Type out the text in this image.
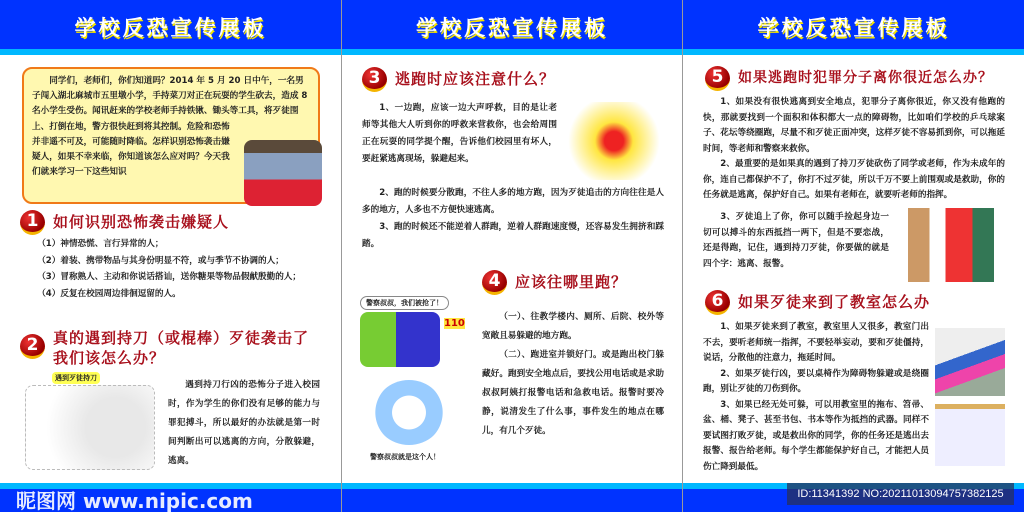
学校反恐宣传展板
同学们，老师们，你们知道吗？2014 年 5 月 20 日中午，一名男子闯入湖北麻城市五里墩小学，手持菜刀对正在玩耍的学生砍去，造成 8 名小学生受伤。闻讯赶来的学校老师手持铁锹、锄头等工具，将歹徒围上、打倒在地，警方很快赶到将其控制。危险和恐怖并非遥不可及，可能随时降临。怎样识别恐怖袭击嫌疑人，如果不幸来临，你知道该怎么应对吗？今天我们就来学习一下这些知识
1 如何识别恐怖袭击嫌疑人

（1）神情恐慌、言行异常的人；

（2）着装、携带物品与其身份明显不符，或与季节不协调的人；

（3）冒称熟人、主动和你说话搭讪，送你糖果等物品假献殷勤的人；

（4）反复在校园周边徘徊逗留的人。

2 真的遇到持刀（或棍棒）歹徒袭击了我们该怎么办？
遇到歹徒持刀

遇到持刀行凶的恐怖分子进入校园时，作为学生的你们没有足够的能力与罪犯搏斗，所以最好的办法就是第一时间判断出可以逃离的方向，分散躲避，逃离。

学校反恐宣传展板
3 逃跑时应该注意什么？

1、一边跑，应该一边大声呼救，目的是让老师等其他大人听到你的呼救来营救你，也会给周围正在玩耍的同学提个醒，告诉他们校园里有坏人，要赶紧逃离现场，躲避起来。

2、跑的时候要分散跑，不往人多的地方跑，因为歹徒追击的方向往往是人多的地方，人多也不方便快速逃离。

3、跑的时候还不能逆着人群跑，逆着人群跑速度慢，还容易发生拥挤和踩踏。

4 应该往哪里跑？
警察叔叔，我们被抢了！
110
警察叔叔就是这个人！

（一）、往教学楼内、厕所、后院、校外等宽敞且易躲避的地方跑。

（二）、跑进室并锁好门。或是跑出校门躲藏好。跑到安全地点后，要找公用电话或是求助叔叔阿姨打报警电话和急救电话。报警时要冷静，说清发生了什么事，事件发生的地点在哪儿，有几个歹徒。

学校反恐宣传展板
5	如果逃跑时犯罪分子离你很近怎么办？

1、如果没有很快逃离到安全地点，犯罪分子离你很近，你又没有他跑的快，那就要找到一个面积和体积都大一点的障碍物，比如咱们学校的乒乓球案子、花坛等绕圈跑，尽量不和歹徒正面冲突，这样歹徒不容易抓到你，可以拖延时间，等老师和警察来救你。

2、最重要的是如果真的遇到了持刀歹徒砍伤了同学或老师，作为未成年的你，连自己都保护不了，你打不过歹徒，所以千万不要上前围观或是救助，你的任务就是逃离，保护好自己。如果有老师在，就要听老师的指挥。

3、歹徒追上了你，你可以随手捡起身边一切可以搏斗的东西抵挡一两下，但是不要恋战，还是得跑，记住，遇到持刀歹徒，你要做的就是四个字：逃离、报警。

6 如果歹徒来到了教室怎么办

1、如果歹徒来到了教室，教室里人又很多，教室门出不去，要听老师统一指挥，不要轻举妄动，要和歹徒僵持，说话，分散他的注意力，拖延时间。

2、如果歹徒行凶，要以桌椅作为障碍物躲避或是绕圈跑，别让歹徒的刀伤到你。

3、如果已经无处可躲，可以用教室里的拖布、笤帚、盆、桶、凳子、甚至书包、书本等作为抵挡的武器。同样不要试图打败歹徒，或是救出你的同学，你的任务还是逃出去报警、报告给老师。每个学生都能保护好自己，才能把人员伤亡降到最低。

昵图网 www.nipic.com	ID:11341392 NO:20211013094757382125
